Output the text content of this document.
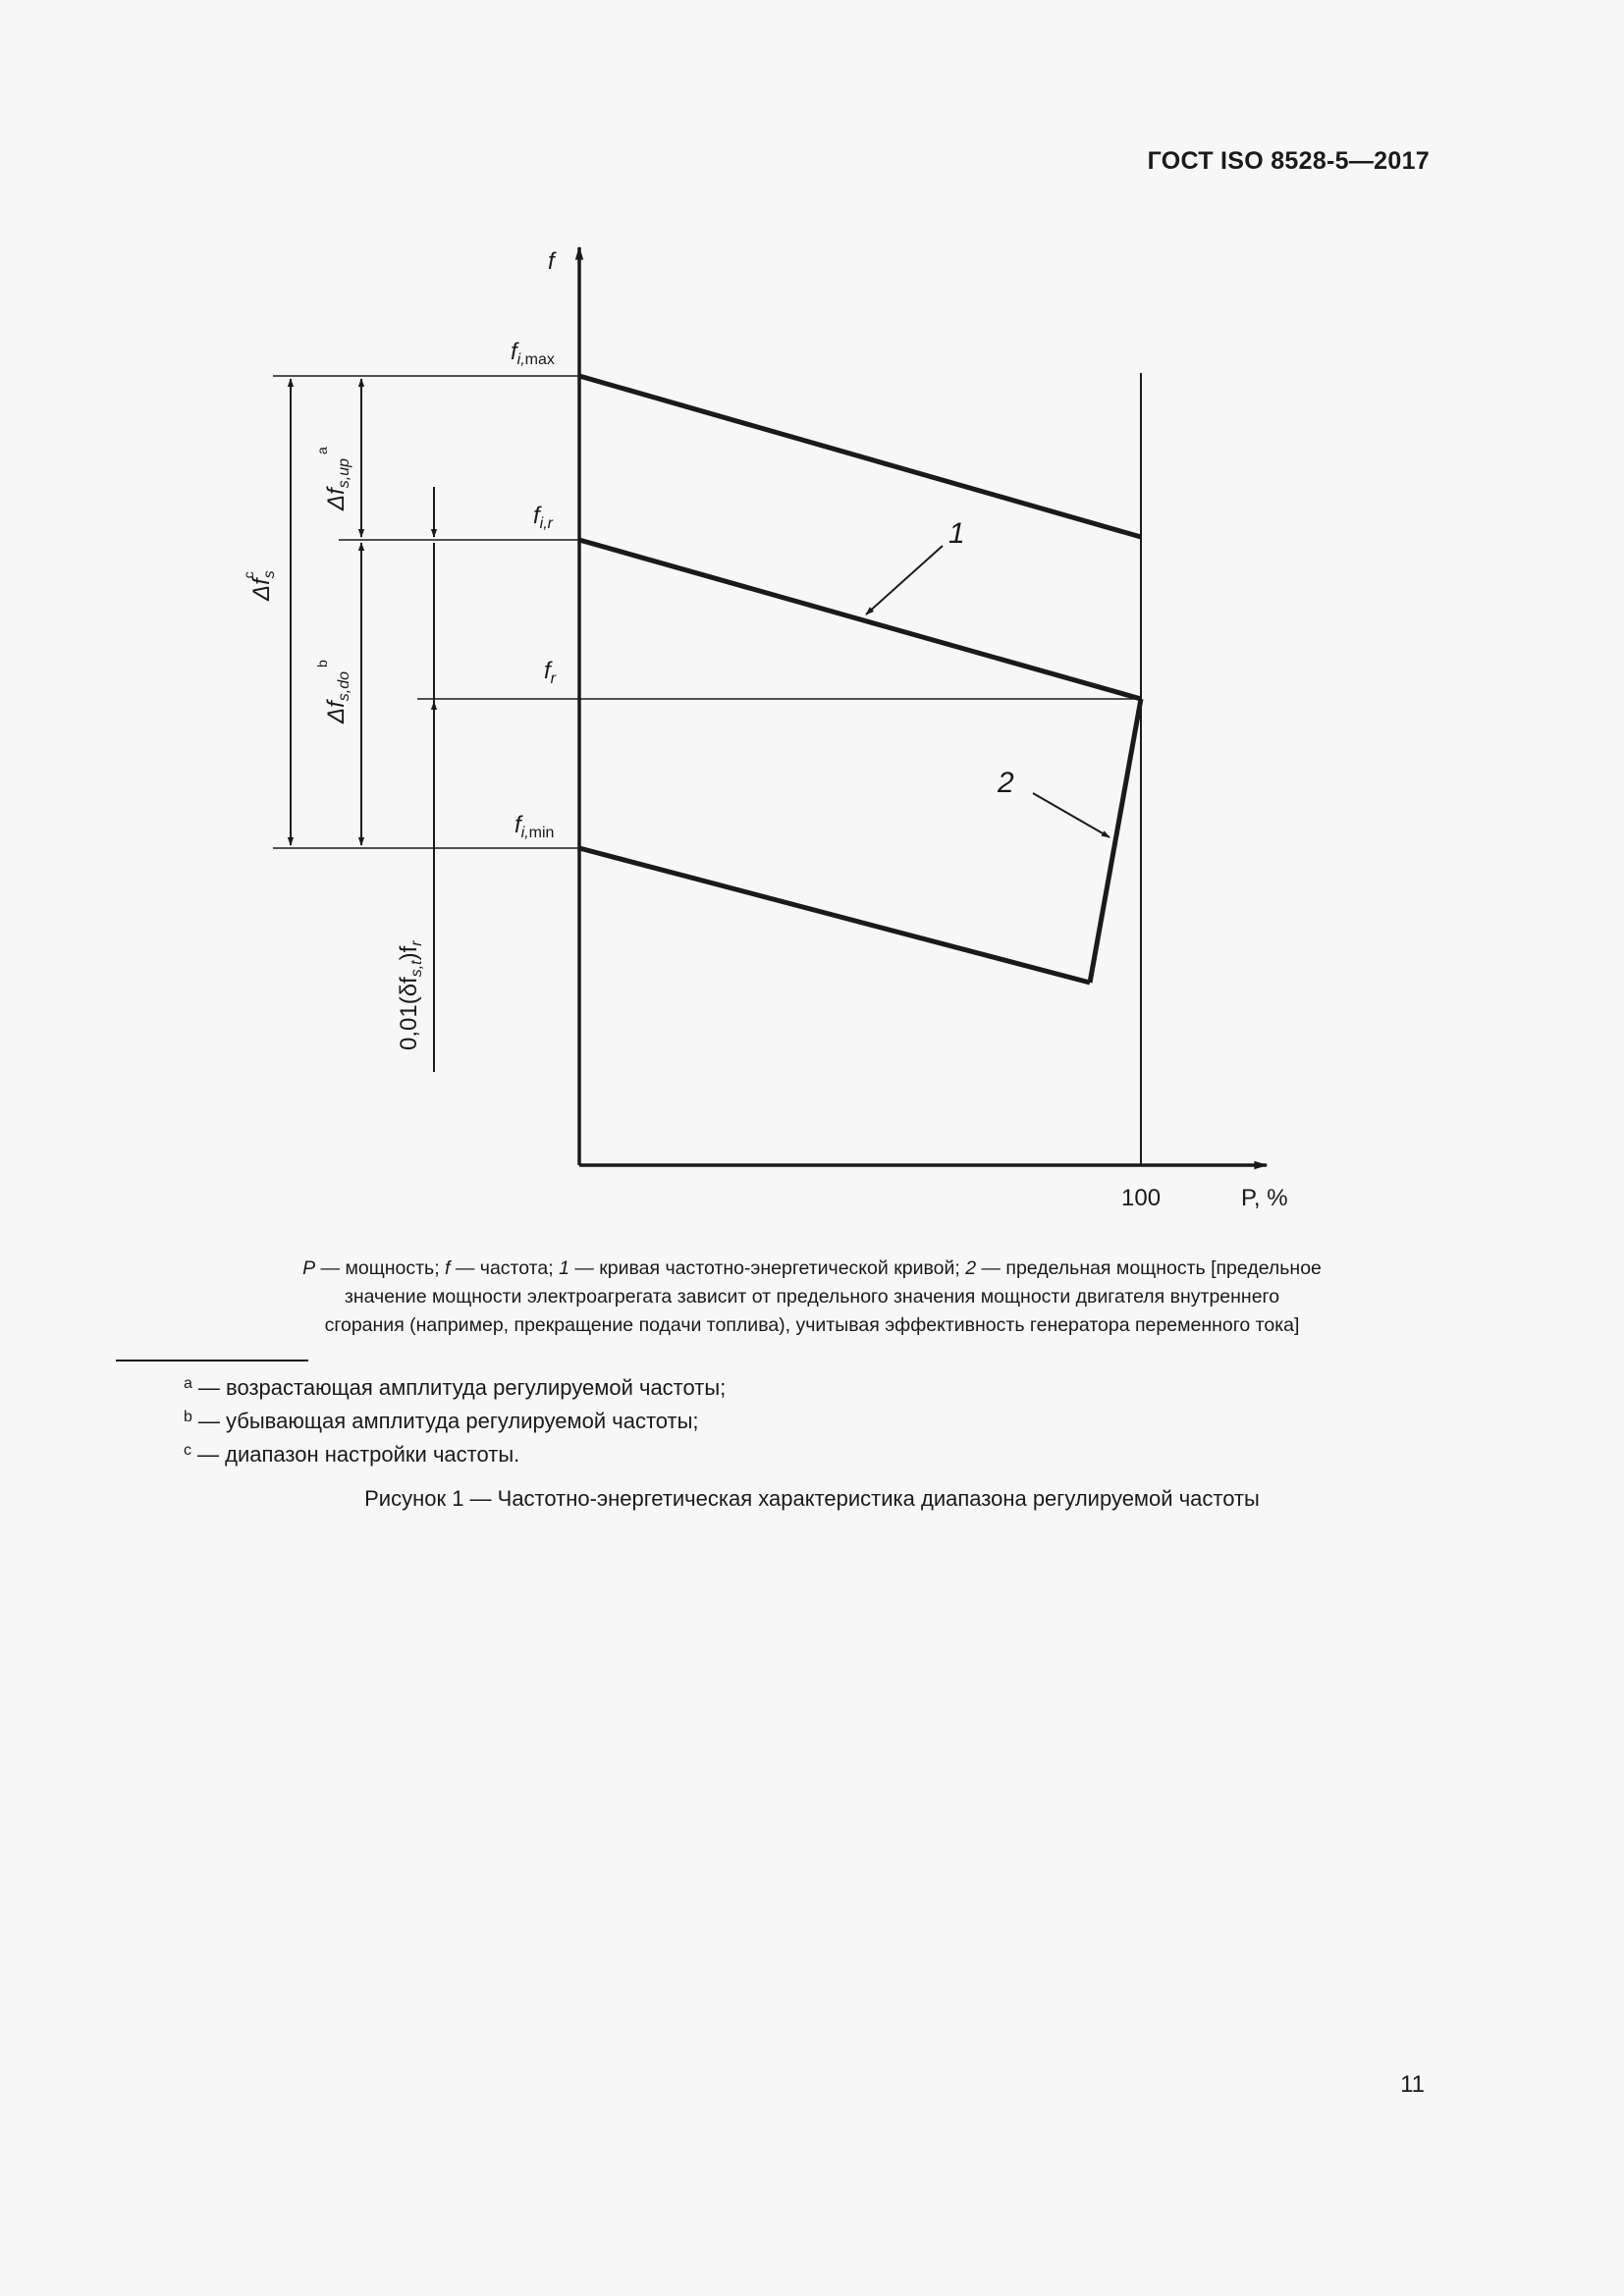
ГОСТ ISO 8528-5—2017
f
P, %
100
$f_{i,}\max$
$f_{i,r}$
$f_r$
$f_{i,}\min$
1
2
$\Delta f_sc$
$\Delta f_{s,up}^a$
$\Delta f_{s,do}^b$
$0,01(\delta f_{s,t})f_r$

P — мощность; f — частота; 1 — кривая частотно-энергетической кривой; 2 — предельная мощность [предельное

значение мощности электроагрегата зависит от предельного значения мощности двигателя внутреннего

сгорания (например, прекращение подачи топлива), учитывая эффективность генератора переменного тока]

$^a$ — возрастающая амплитуда регулируемой частоты;
$^b$ — убывающая амплитуда регулируемой частоты;
$^c$ — диапазон настройки частоты.
Рисунок 1 — Частотно-энергетическая характеристика диапазона регулируемой частоты
11
